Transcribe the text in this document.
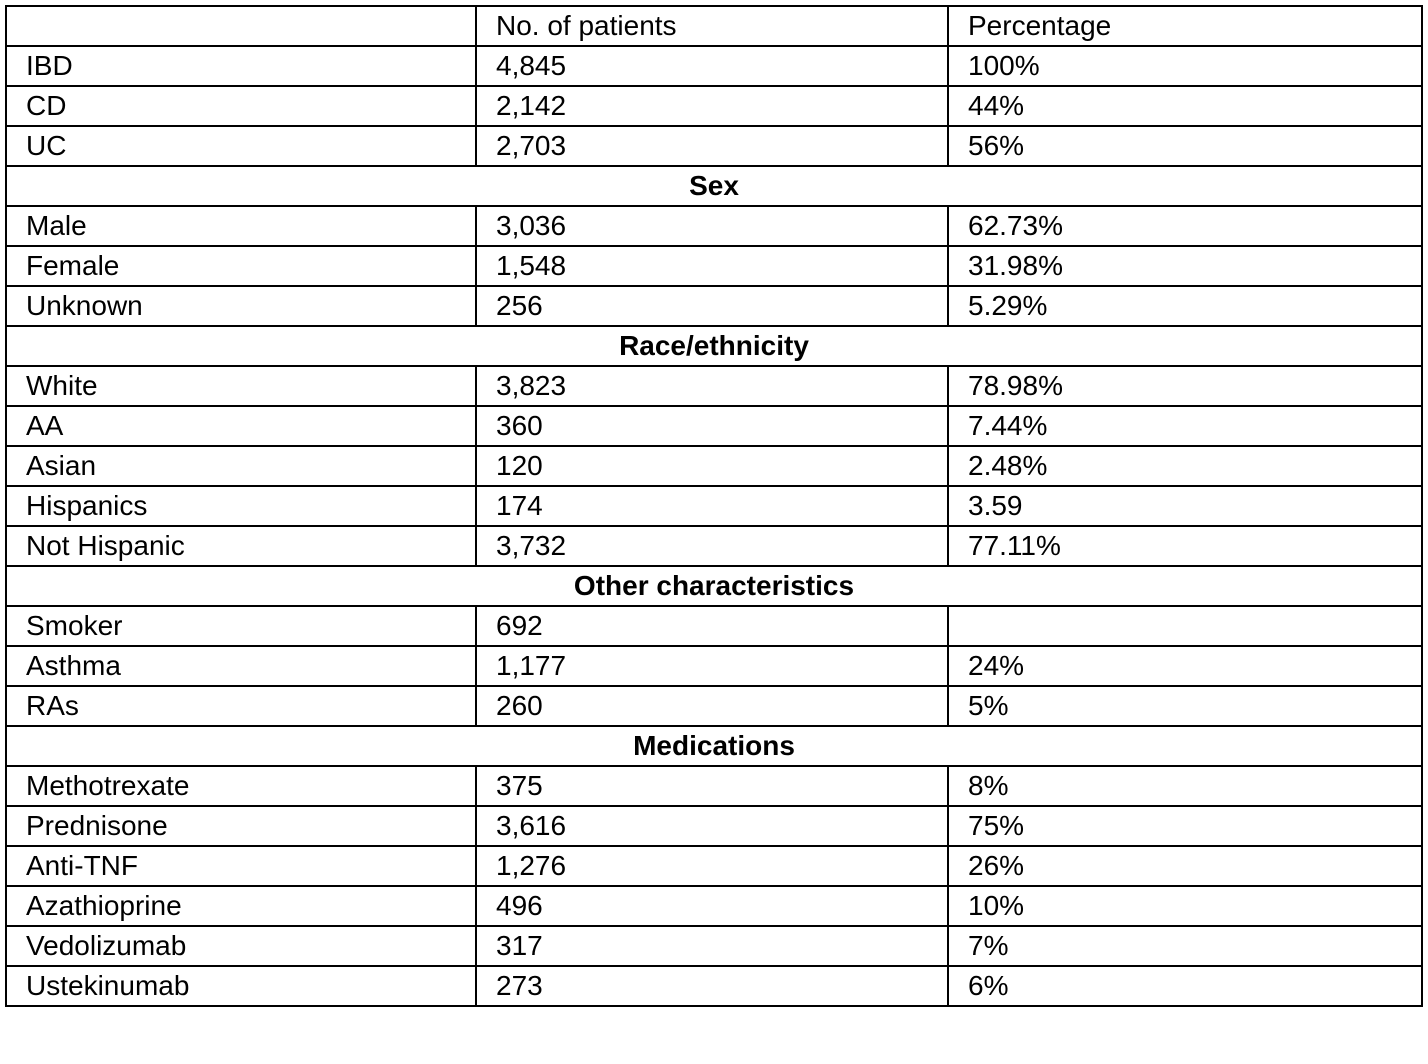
	No. of patients	Percentage
IBD	4,845	100%
CD	2,142	44%
UC	2,703	56%
Sex		
Male	3,036	62.73%
Female	1,548	31.98%
Unknown	256	5.29%
Race/ethnicity		
White	3,823	78.98%
AA	360	7.44%
Asian	120	2.48%
Hispanics	174	3.59
Not Hispanic	3,732	77.11%
Other characteristics		
Smoker	692	
Asthma	1,177	24%
RAs	260	5%
Medications		
Methotrexate	375	8%
Prednisone	3,616	75%
Anti-TNF	1,276	26%
Azathioprine	496	10%
Vedolizumab	317	7%
Ustekinumab	273	6%
